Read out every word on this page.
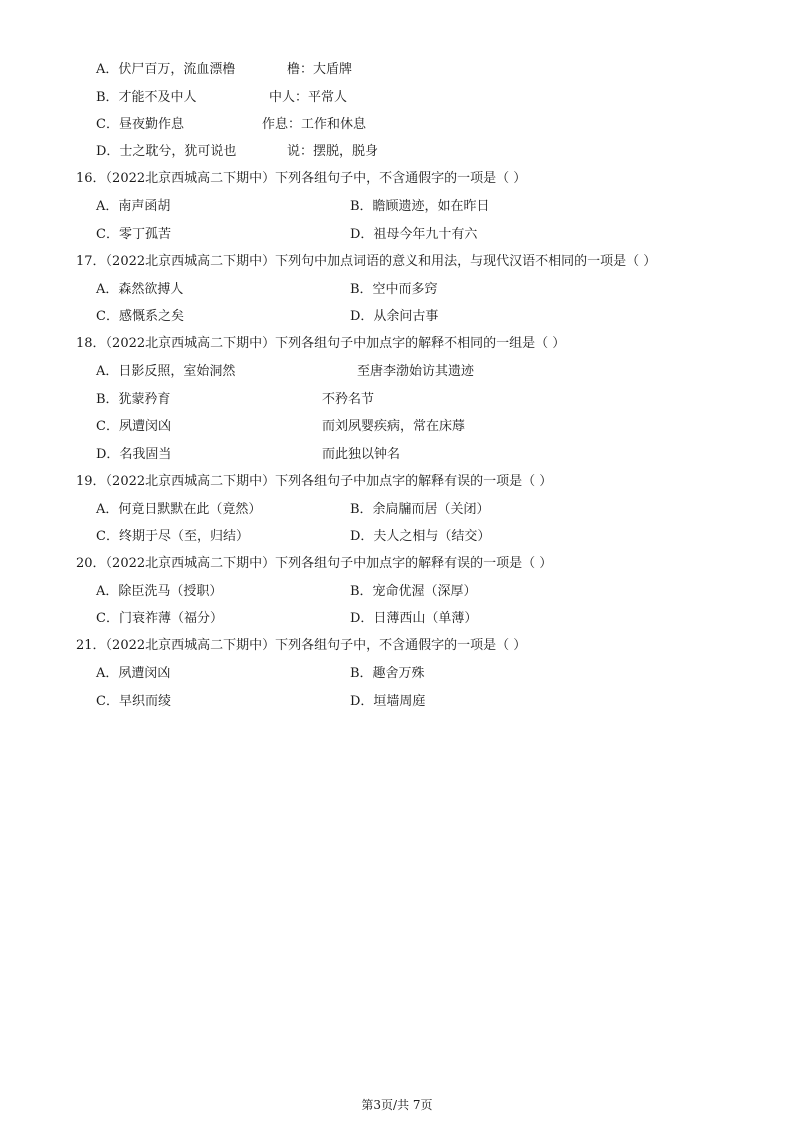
A．伏尸百万，流血漂橹	橹：大盾牌
B．才能不及中人	中人：平常人
C．昼夜勤作息	作息：工作和休息
D．士之耽兮，犹可说也	说：摆脱，脱身
16．（2022北京西城高二下期中）下列各组句子中，不含通假字的一项是（ ）
A．南声函胡	B．瞻顾遗迹，如在昨日
C．零丁孤苦	D．祖母今年九十有六
17．（2022北京西城高二下期中）下列句中加点词语的意义和用法，与现代汉语不相同的一项是（ ）
A．森然欲搏人	B．空中而多窍
C．感慨系之矣	D．从余问古事
18．（2022北京西城高二下期中）下列各组句子中加点字的解释不相同的一组是（ ）
A．日影反照，室始洞然	至唐李渤始访其遗迹
B．犹蒙矜育	不矜名节
C．夙遭闵凶	而刘夙婴疾病，常在床蓐
D．名我固当	而此独以钟名
19．（2022北京西城高二下期中）下列各组句子中加点字的解释有误的一项是（ ）
A．何竟日默默在此（竟然）	B．余扃牖而居（关闭）
C．终期于尽（至，归结）	D．夫人之相与（结交）
20．（2022北京西城高二下期中）下列各组句子中加点字的解释有误的一项是（ ）
A．除臣洗马（授职）	B．宠命优渥（深厚）
C．门衰祚薄（福分）	D．日薄西山（单薄）
21．（2022北京西城高二下期中）下列各组句子中，不含通假字的一项是（ ）
A．夙遭闵凶	B．趣舍万殊
C．早织而绫	D．垣墙周庭
第3页/共 7页
